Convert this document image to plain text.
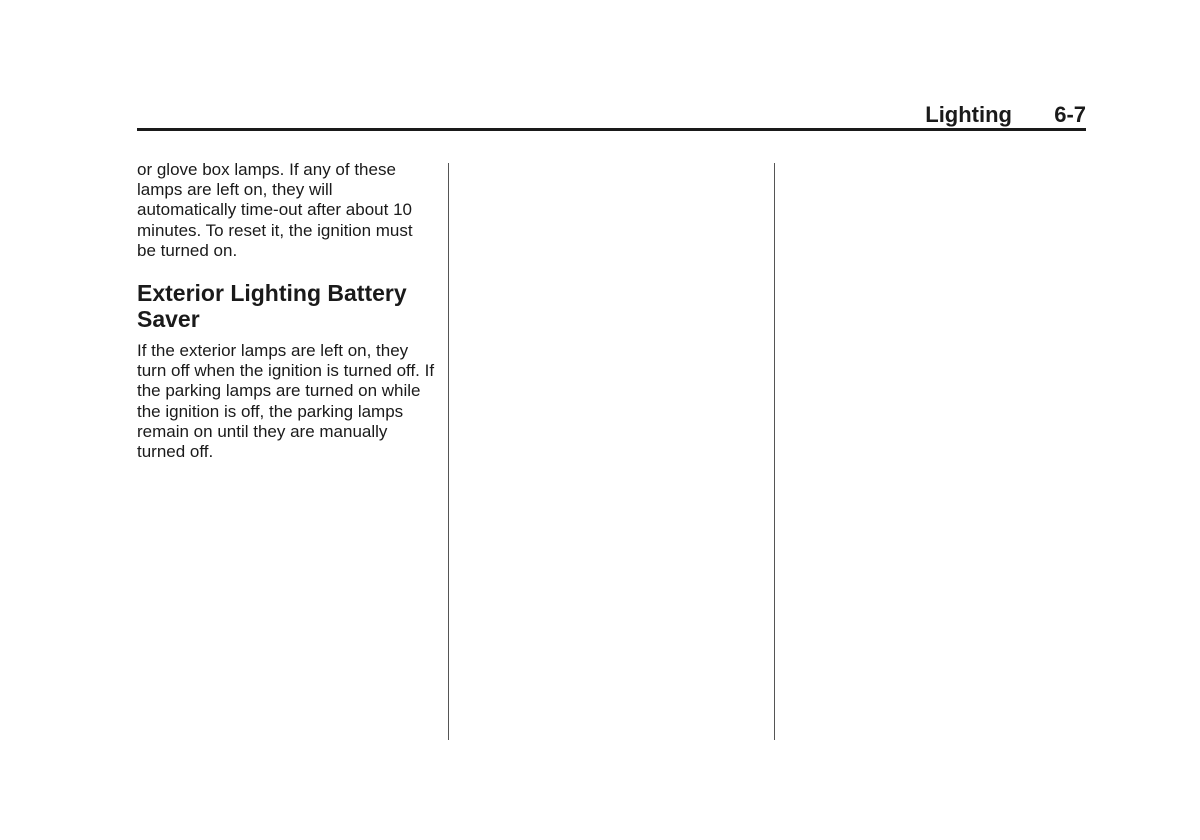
Lighting 6-7

or glove box lamps. If any of these lamps are left on, they will automatically time-out after about 10 minutes. To reset it, the ignition must be turned on.

Exterior Lighting Battery Saver

If the exterior lamps are left on, they turn off when the ignition is turned off. If the parking lamps are turned on while the ignition is off, the parking lamps remain on until they are manually turned off.
